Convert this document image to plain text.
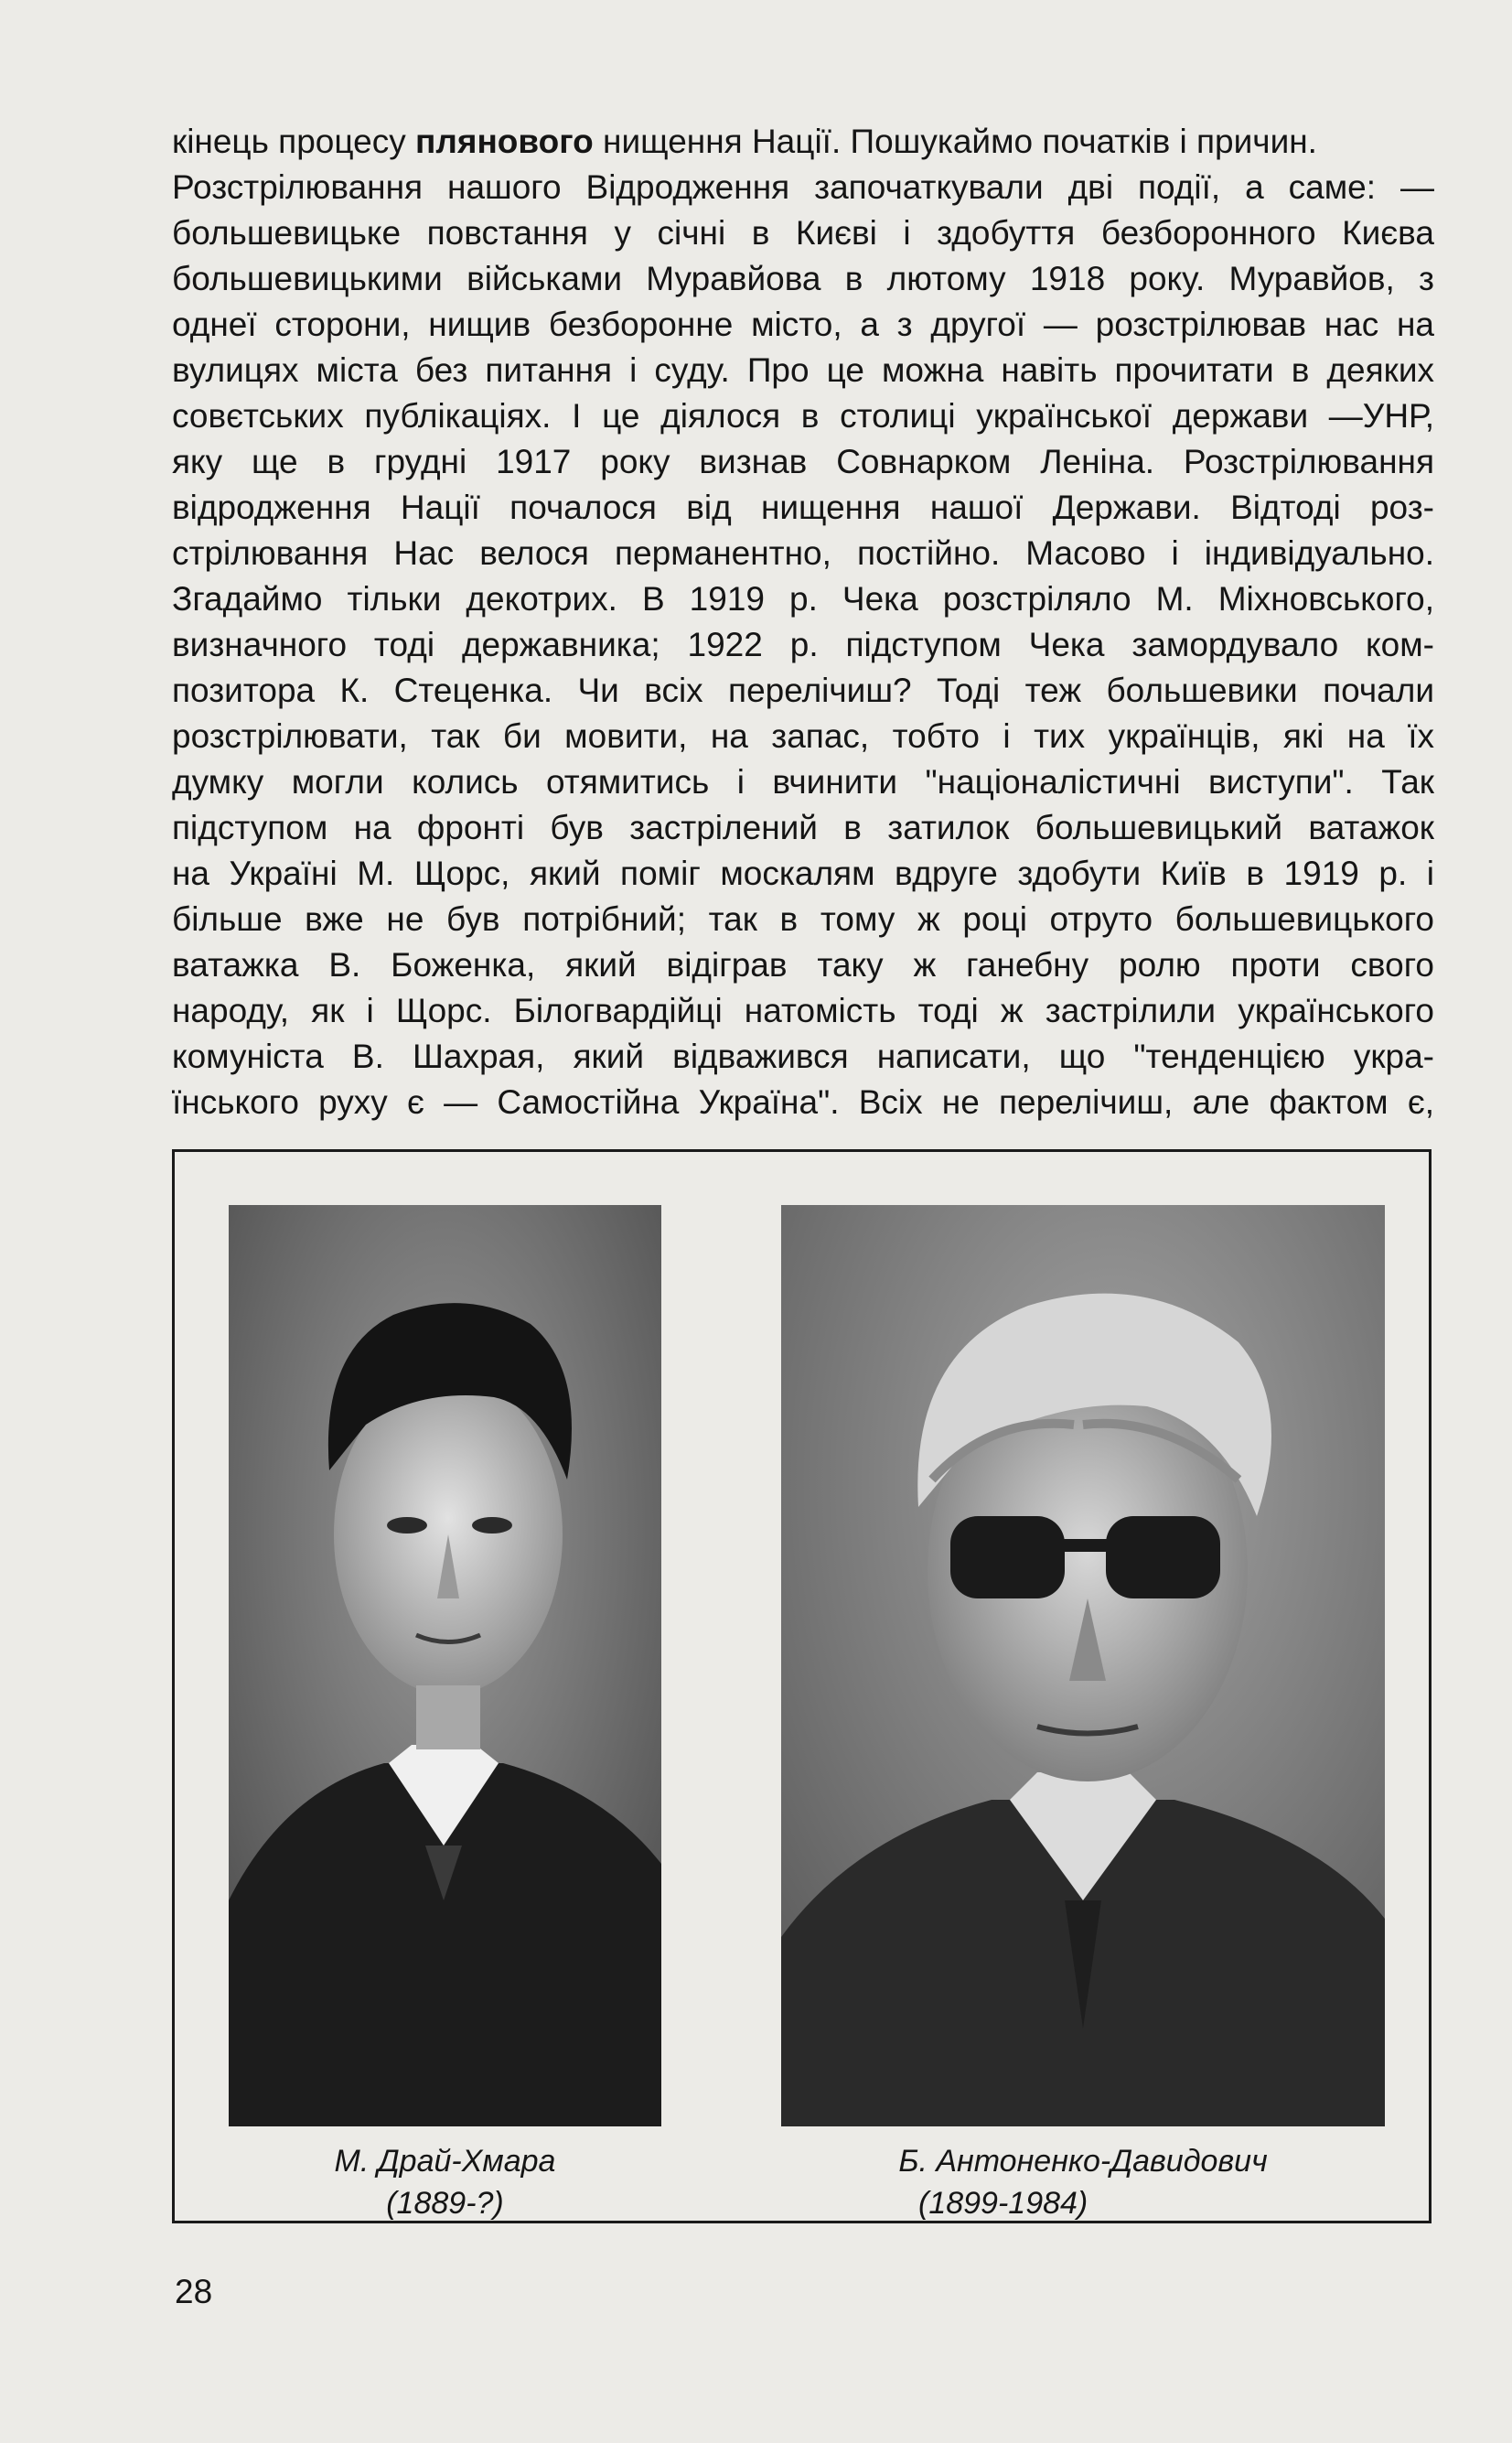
кінець процесу плянового нищення Нації. Пошукаймо початків і причин.
Розстрілювання нашого Відродження започаткували дві події, а саме: —
большевицьке повстання у січні в Києві і здобуття безборонного Києва
большевицькими військами Муравйова в лютому 1918 року. Муравйов, з
однеї сторони, нищив безборонне місто, а з другої — розстрілював нас на
вулицях міста без питання і суду. Про це можна навіть прочитати в деяких
совєтських публікаціях. І це діялося в столиці української держави —УНР,
яку ще в грудні 1917 року визнав Совнарком Леніна. Розстрілювання
відродження Нації почалося від нищення нашої Держави. Відтоді роз-
стрілювання Нас велося перманентно, постійно. Масово і індивідуально.
Згадаймо тільки декотрих. В 1919 р. Чека розстріляло М. Міхновського,
визначного тоді державника; 1922 р. підступом Чека замордувало ком-
позитора К. Стеценка. Чи всіх перелічиш? Тоді теж большевики почали
розстрілювати, так би мовити, на запас, тобто і тих українців, які на їх
думку могли колись отямитись і вчинити "націоналістичні виступи". Так
підступом на фронті був застрілений в затилок большевицький ватажок
на Україні М. Щорс, який поміг москалям вдруге здобути Київ в 1919 р. і
більше вже не був потрібний; так в тому ж році отруто большевицького
ватажка В. Боженка, який відіграв таку ж ганебну ролю проти свого
народу, як і Щорс. Білогвардійці натомість тоді ж застрілили українського
комуніста В. Шахрая, який відважився написати, що "тенденцією укра-
їнського руху є — Самостійна Україна". Всіх не перелічиш, але фактом є,
М. Драй-Хмара
(1889-?)
Б. Антоненко-Давидович
(1899-1984)
28
